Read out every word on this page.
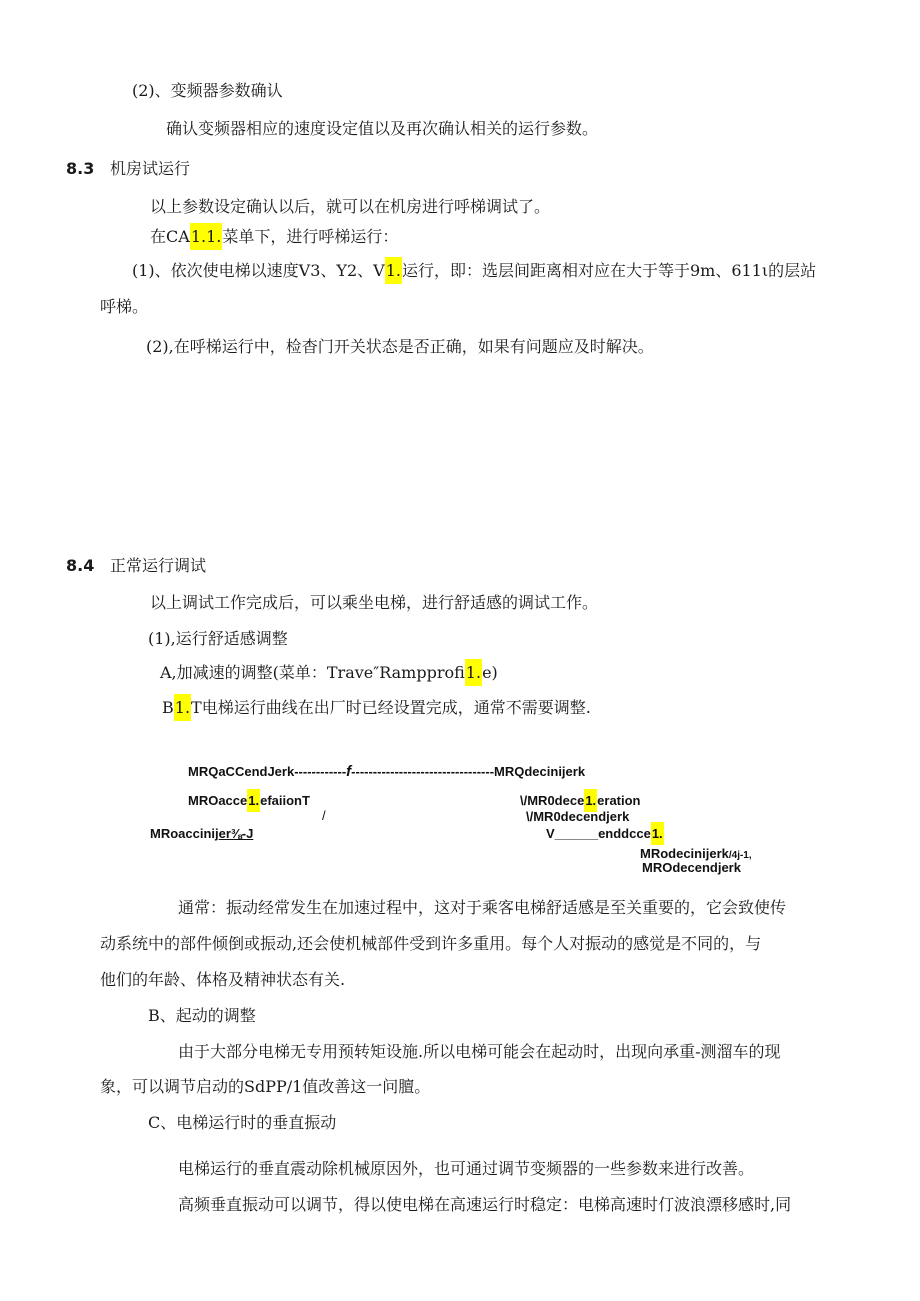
(2)、变频器参数确认
确认变频器相应的速度设定值以及再次确认相关的运行参数。
8.3 机房试运行
以上参数设定确认以后，就可以在机房进行呼梯调试了。
在CA1.1.菜单下，进行呼梯运行：
(1)、依次使电梯以速度V3、Y2、V1.运行，即：选层间距离相对应在大于等于9m、611ι的层站
呼梯。
(2),在呼梯运行中，检杳门开关状态是否正确，如果有问题应及时解决。
8.4 正常运行调试
以上调试工作完成后，可以乘坐电梯，进行舒适感的调试工作。
(1),运行舒适感调整
A,加减速的调整(菜单：Trave″Rampprofi1.e)
B1.T电梯运行曲线在出厂时已经设置完成，通常不需要调整.
MRQaCCendJerk------------f---------------------------------MRQdecinijerk
MROacce1.efaiionT
/
\/MR0dece1.eration
\/MR0decendjerk
V______enddcce1.
MRoaccinijer⅜-J
MRodecinijerk/4j-1,
MROdecendjerk
通常：振动经常发生在加速过程中，这对于乘客电梯舒适感是至关重要的，它会致使传
动系统中的部件倾倒或振动,还会使机械部件受到许多重用。每个人对振动的感觉是不同的，与
他们的年龄、体格及精神状态有关.
B、起动的调整
由于大部分电梯无专用预转矩设施.所以电梯可能会在起动时，出现向承重-测溜车的现
象，可以调节启动的SdPP/1值改善这一问膻。
C、电梯运行时的垂直振动
电梯运行的垂直震动除机械原因外，也可通过调节变频器的一些参数来进行改善。
高频垂直振动可以调节，得以使电梯在高速运行时稳定：电梯高速时仃波浪漂移感时,同
